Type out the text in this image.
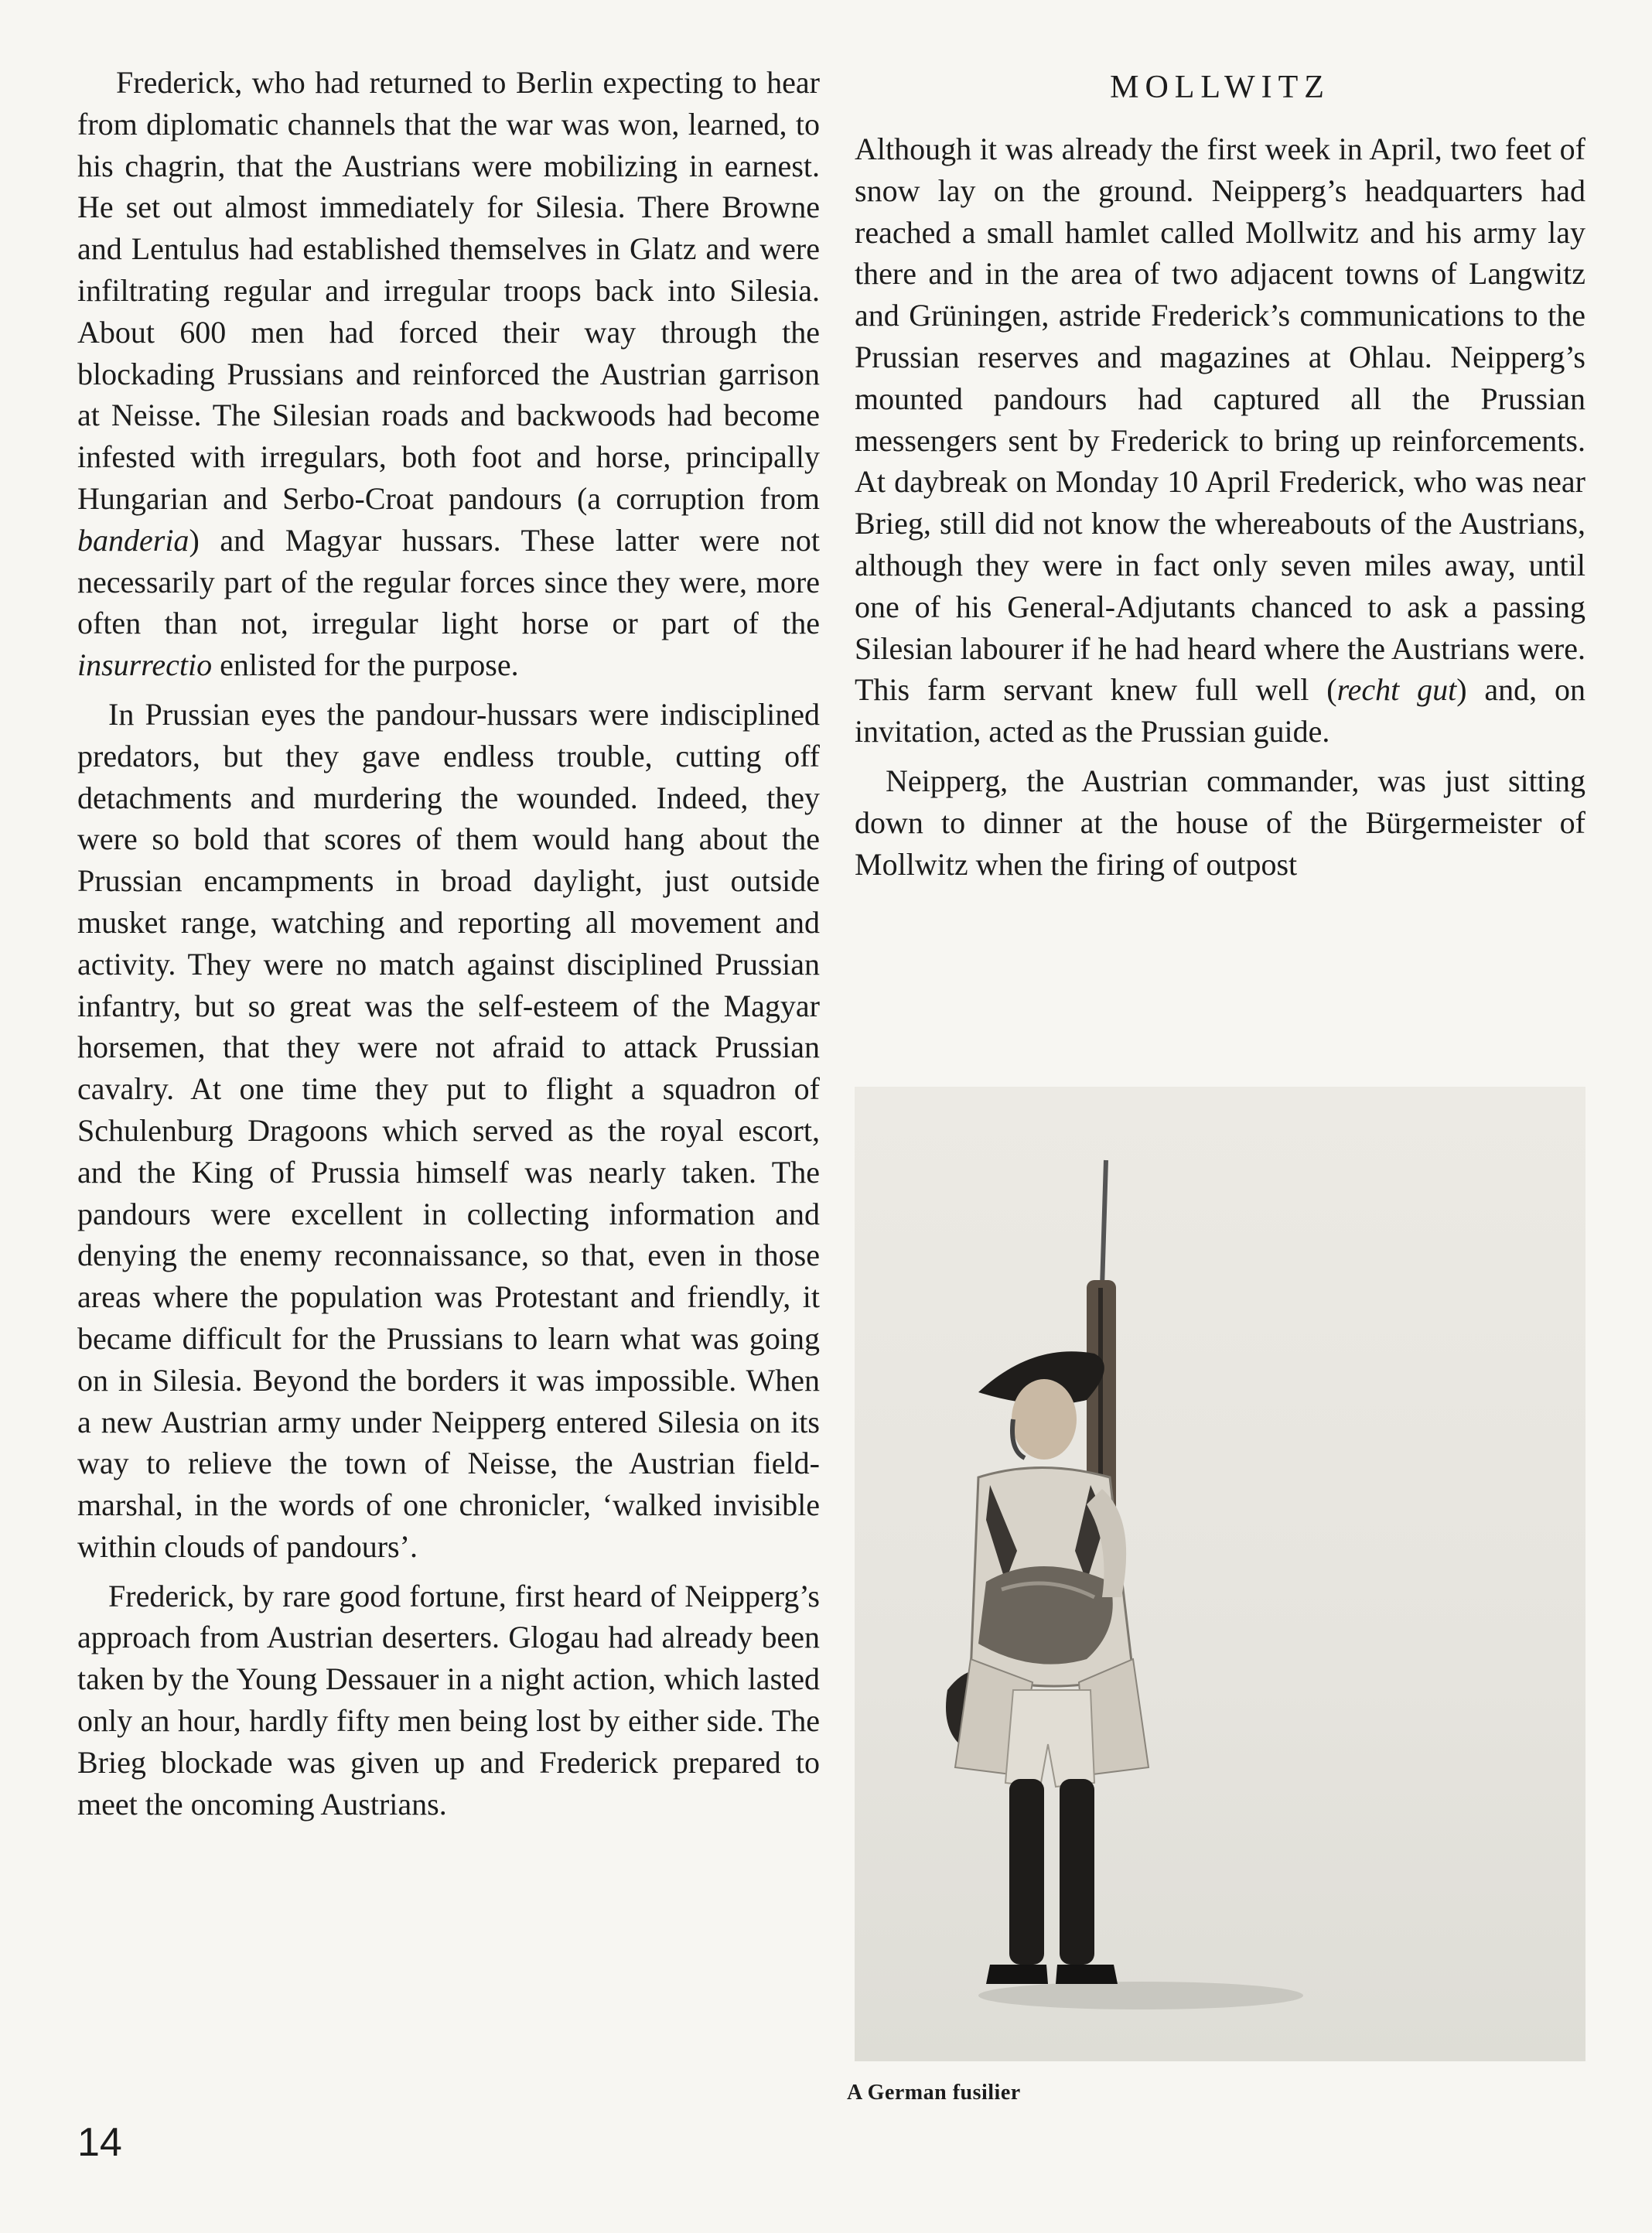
Frederick, who had returned to Berlin expecting to hear from diplomatic channels that the war was won, learned, to his chagrin, that the Austrians were mobilizing in earnest. He set out almost immediately for Silesia. There Browne and Lentulus had established themselves in Glatz and were infiltrating regular and irregular troops back into Silesia. About 600 men had forced their way through the blockading Prussians and reinforced the Austrian garrison at Neisse. The Silesian roads and backwoods had become infested with irregulars, both foot and horse, principally Hungarian and Serbo-Croat pandours (a corruption from banderia) and Magyar hussars. These latter were not necessarily part of the regular forces since they were, more often than not, irregular light horse or part of the insurrectio enlisted for the purpose.

In Prussian eyes the pandour-hussars were indisciplined predators, but they gave endless trouble, cutting off detachments and murdering the wounded. Indeed, they were so bold that scores of them would hang about the Prussian encampments in broad daylight, just outside musket range, watching and reporting all movement and activity. They were no match against disciplined Prussian infantry, but so great was the self-esteem of the Magyar horsemen, that they were not afraid to attack Prussian cavalry. At one time they put to flight a squadron of Schulenburg Dragoons which served as the royal escort, and the King of Prussia himself was nearly taken. The pandours were excellent in collecting information and denying the enemy reconnaissance, so that, even in those areas where the population was Protestant and friendly, it became difficult for the Prussians to learn what was going on in Silesia. Beyond the borders it was impossible. When a new Austrian army under Neipperg entered Silesia on its way to relieve the town of Neisse, the Austrian field-marshal, in the words of one chronicler, ‘walked invisible within clouds of pandours’.

Frederick, by rare good fortune, first heard of Neipperg’s approach from Austrian deserters. Glogau had already been taken by the Young Dessauer in a night action, which lasted only an hour, hardly fifty men being lost by either side. The Brieg blockade was given up and Frederick prepared to meet the oncoming Austrians.

MOLLWITZ

Although it was already the first week in April, two feet of snow lay on the ground. Neipperg’s headquarters had reached a small hamlet called Mollwitz and his army lay there and in the area of two adjacent towns of Langwitz and Grüningen, astride Frederick’s communications to the Prussian reserves and magazines at Ohlau. Neipperg’s mounted pandours had captured all the Prussian messengers sent by Frederick to bring up reinforcements. At daybreak on Monday 10 April Frederick, who was near Brieg, still did not know the whereabouts of the Austrians, although they were in fact only seven miles away, until one of his General-Adjutants chanced to ask a passing Silesian labourer if he had heard where the Austrians were. This farm servant knew full well (recht gut) and, on invitation, acted as the Prussian guide.

Neipperg, the Austrian commander, was just sitting down to dinner at the house of the Bürgermeister of Mollwitz when the firing of outpost

A German fusilier
14
